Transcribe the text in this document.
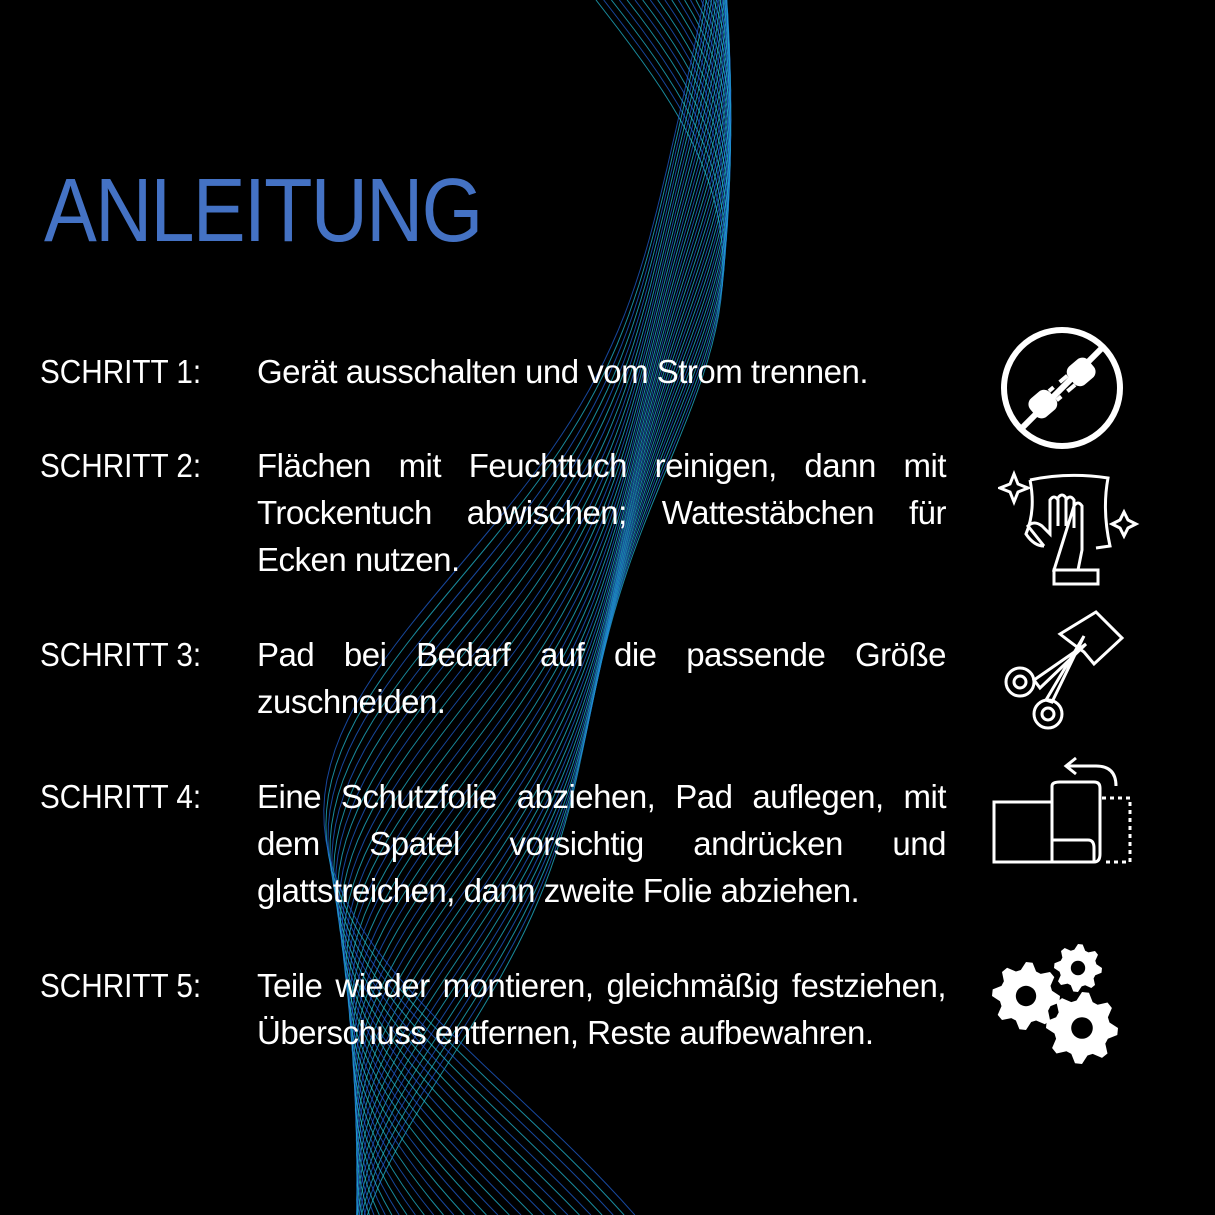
ANLEITUNG
SCHRITT 1:	Gerät ausschalten und vom Strom trennen.
SCHRITT 2:	Flächen mit Feuchttuch reinigen, dann mit Trockentuch abwischen; Wattestäbchen für Ecken nutzen.
SCHRITT 3:	Pad bei Bedarf auf die passende Größe zuschneiden.
SCHRITT 4:	Eine Schutzfolie abziehen, Pad auflegen, mit dem Spatel vorsichtig andrücken und glattstreichen, dann zweite Folie abziehen.
SCHRITT 5:	Teile wieder montieren, gleichmäßig festziehen, Überschuss entfernen, Reste aufbewahren.
